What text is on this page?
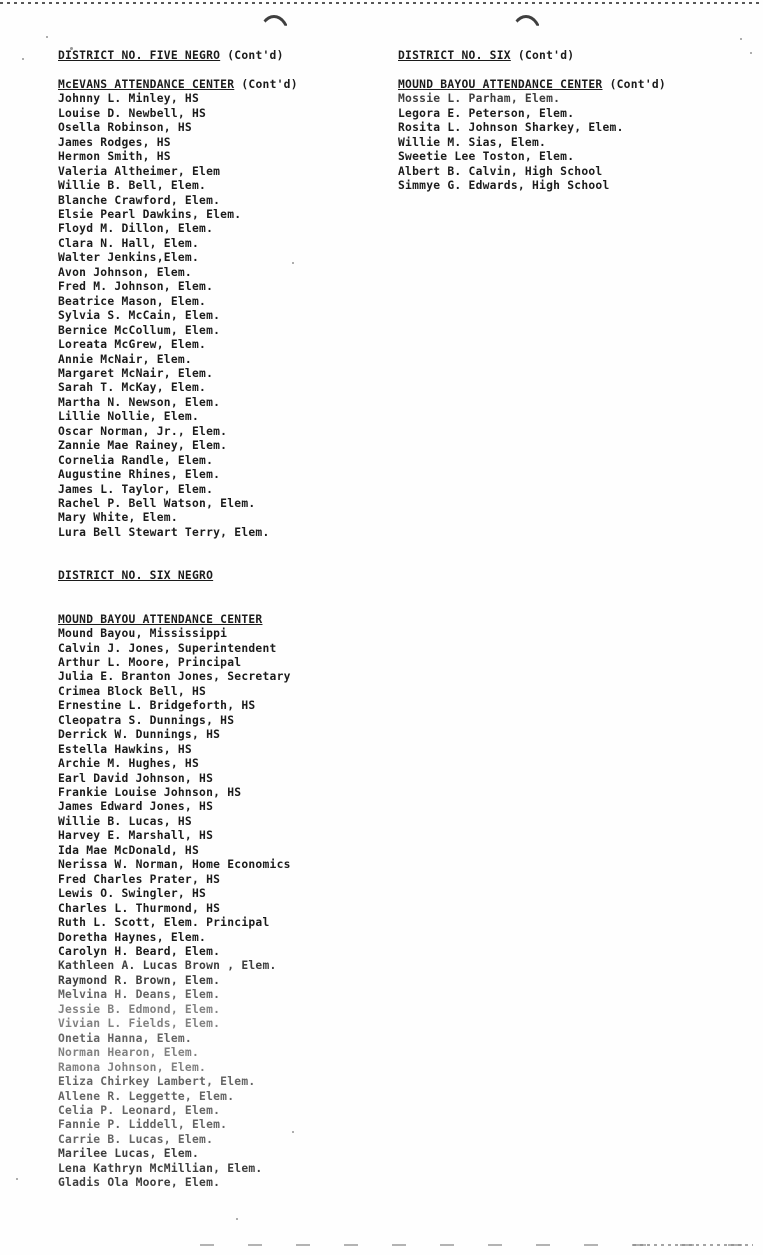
DISTRICT NO. FIVE NEGRO (Cont'd)
McEVANS ATTENDANCE CENTER (Cont'd)
Johnny L. Minley, HS
Louise D. Newbell, HS
Osella Robinson, HS
James Rodges, HS
Hermon Smith, HS
Valeria Altheimer, Elem
Willie B. Bell, Elem.
Blanche Crawford, Elem.
Elsie Pearl Dawkins, Elem.
Floyd M. Dillon, Elem.
Clara N. Hall, Elem.
Walter Jenkins,Elem.
Avon Johnson, Elem.
Fred M. Johnson, Elem.
Beatrice Mason, Elem.
Sylvia S. McCain, Elem.
Bernice McCollum, Elem.
Loreata McGrew, Elem.
Annie McNair, Elem.
Margaret McNair, Elem.
Sarah T. McKay, Elem.
Martha N. Newson, Elem.
Lillie Nollie, Elem.
Oscar Norman, Jr., Elem.
Zannie Mae Rainey, Elem.
Cornelia Randle, Elem.
Augustine Rhines, Elem.
James L. Taylor, Elem.
Rachel P. Bell Watson, Elem.
Mary White, Elem.
Lura Bell Stewart Terry, Elem.
DISTRICT NO. SIX NEGRO
MOUND BAYOU ATTENDANCE CENTER
Mound Bayou, Mississippi
Calvin J. Jones, Superintendent
Arthur L. Moore, Principal
Julia E. Branton Jones, Secretary
Crimea Block Bell, HS
Ernestine L. Bridgeforth, HS
Cleopatra S. Dunnings, HS
Derrick W. Dunnings, HS
Estella Hawkins, HS
Archie M. Hughes, HS
Earl David Johnson, HS
Frankie Louise Johnson, HS
James Edward Jones, HS
Willie B. Lucas, HS
Harvey E. Marshall, HS
Ida Mae McDonald, HS
Nerissa W. Norman, Home Economics
Fred Charles Prater, HS
Lewis O. Swingler, HS
Charles L. Thurmond, HS
Ruth L. Scott, Elem. Principal
Doretha Haynes, Elem.
Carolyn H. Beard, Elem.
Kathleen A. Lucas Brown , Elem.
Raymond R. Brown, Elem.
Melvina H. Deans, Elem.
Jessie B. Edmond, Elem.
Vivian L. Fields, Elem.
Onetia Hanna, Elem.
Norman Hearon, Elem.
Ramona Johnson, Elem.
Eliza Chirkey Lambert, Elem.
Allene R. Leggette, Elem.
Celia P. Leonard, Elem.
Fannie P. Liddell, Elem.
Carrie B. Lucas, Elem.
Marilee Lucas, Elem.
Lena Kathryn McMillian, Elem.
Gladis Ola Moore, Elem.
DISTRICT NO. SIX (Cont'd)
MOUND BAYOU ATTENDANCE CENTER (Cont'd)
Mossie L. Parham, Elem.
Legora E. Peterson, Elem.
Rosita L. Johnson Sharkey, Elem.
Willie M. Sias, Elem.
Sweetie Lee Toston, Elem.
Albert B. Calvin, High School
Simmye G. Edwards, High School
